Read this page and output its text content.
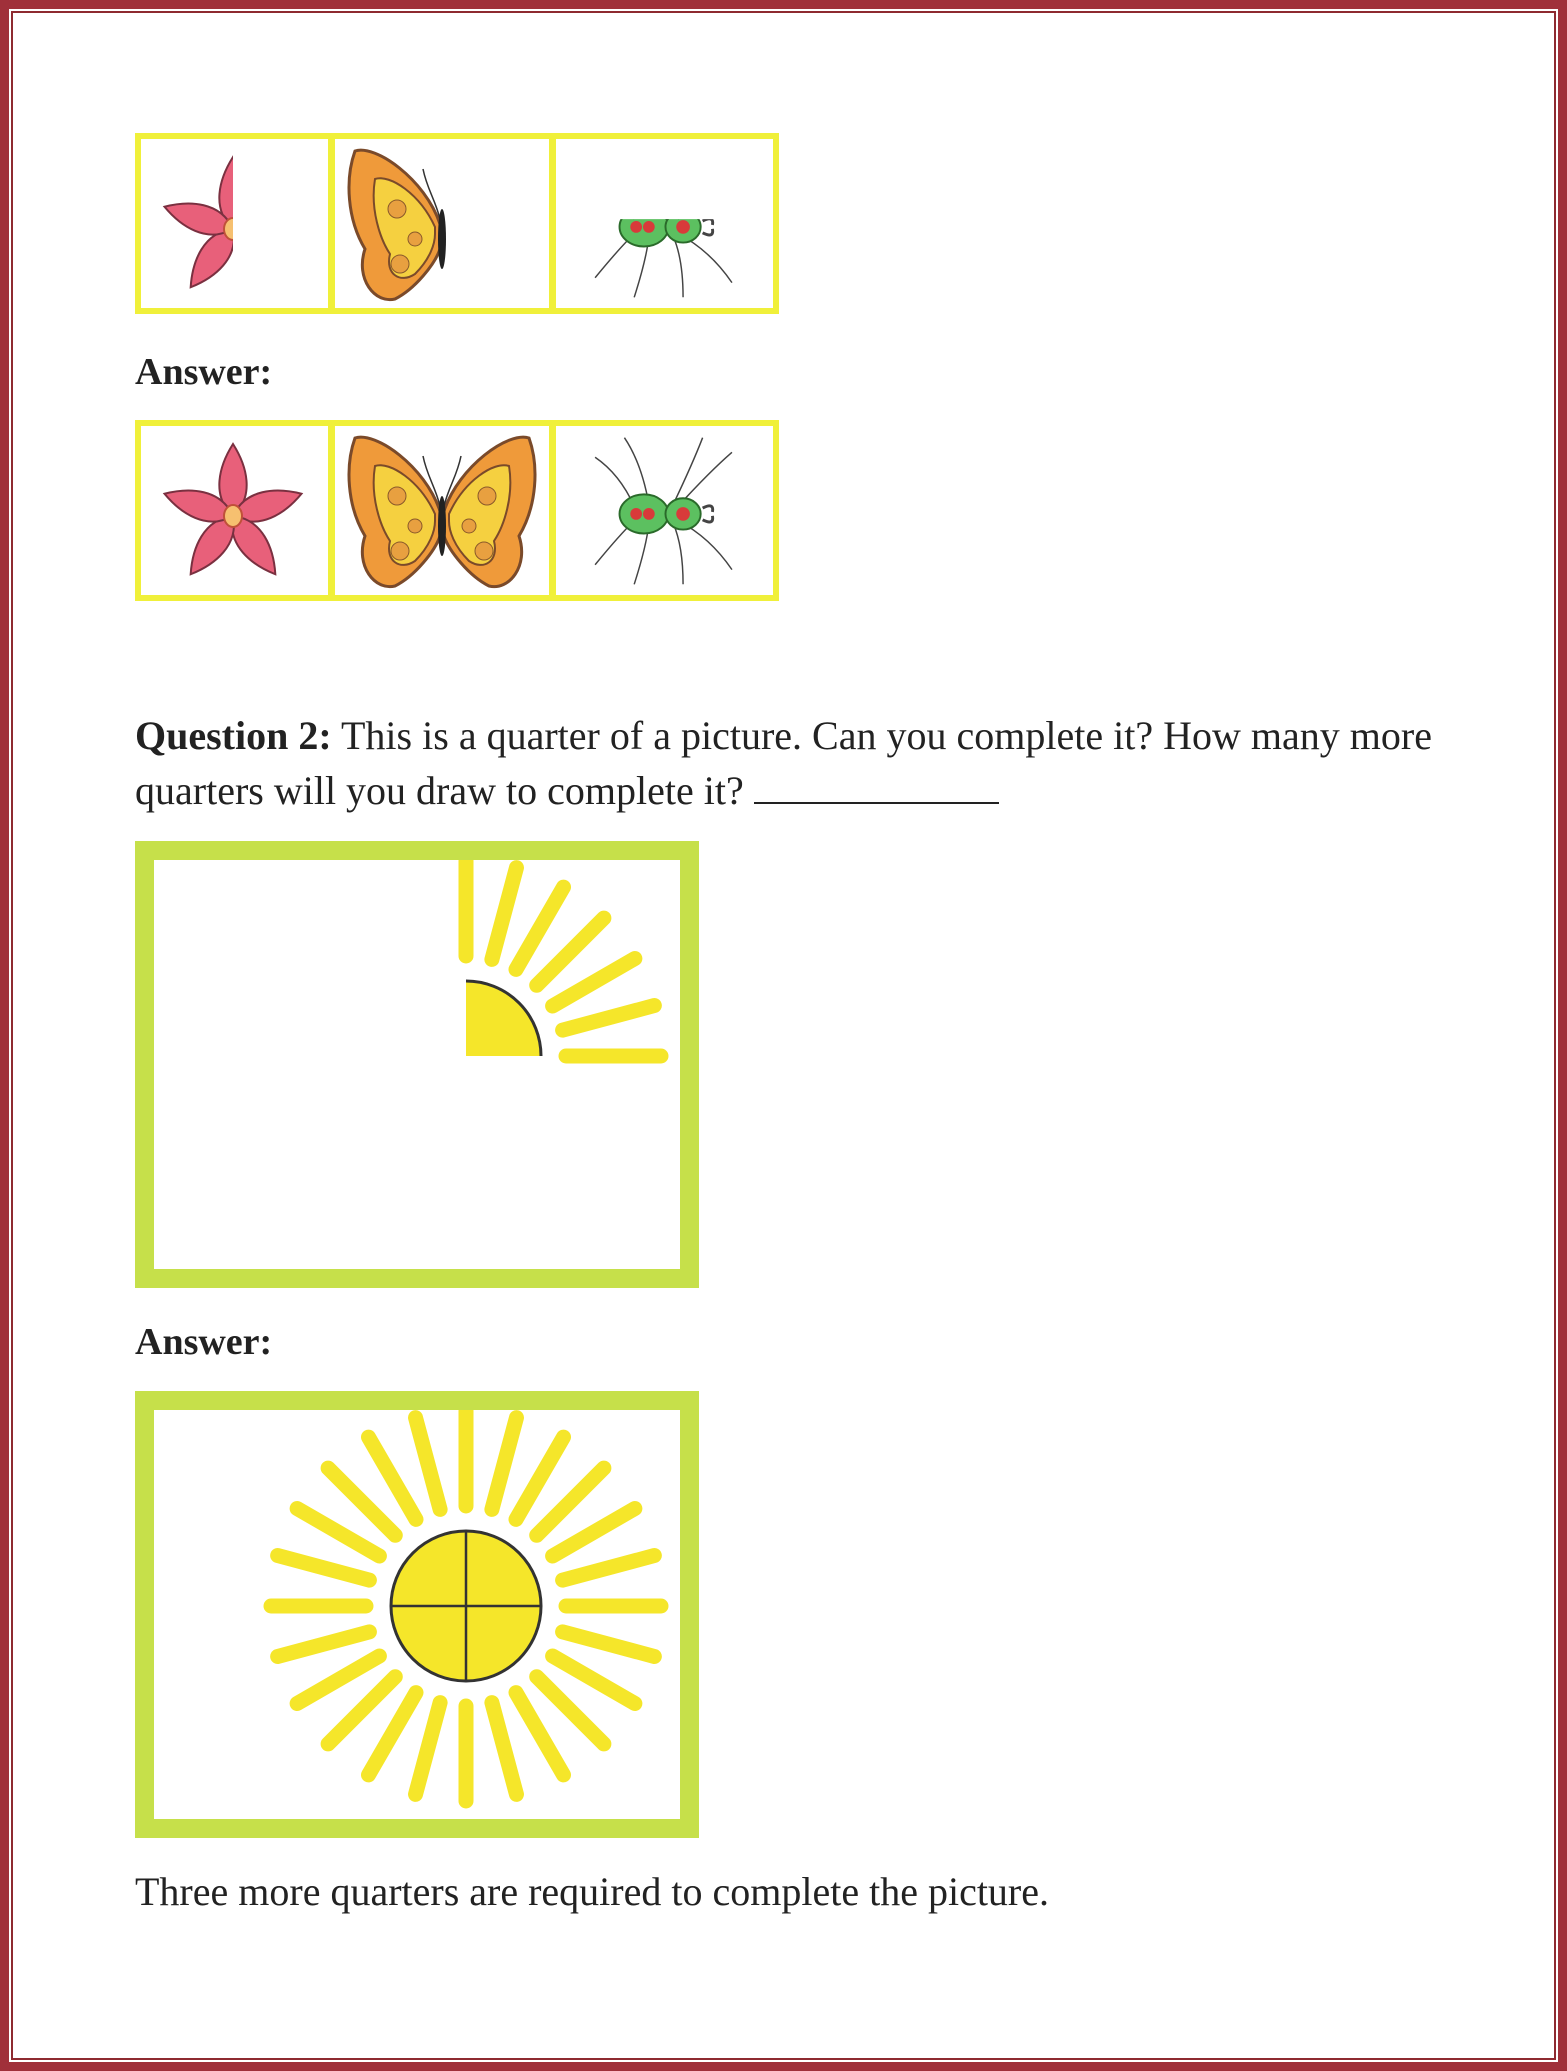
Answer:
Question 2: This is a quarter of a picture. Can you complete it? How many more quarters will you draw to complete it?
Answer:
Three more quarters are required to complete the picture.
